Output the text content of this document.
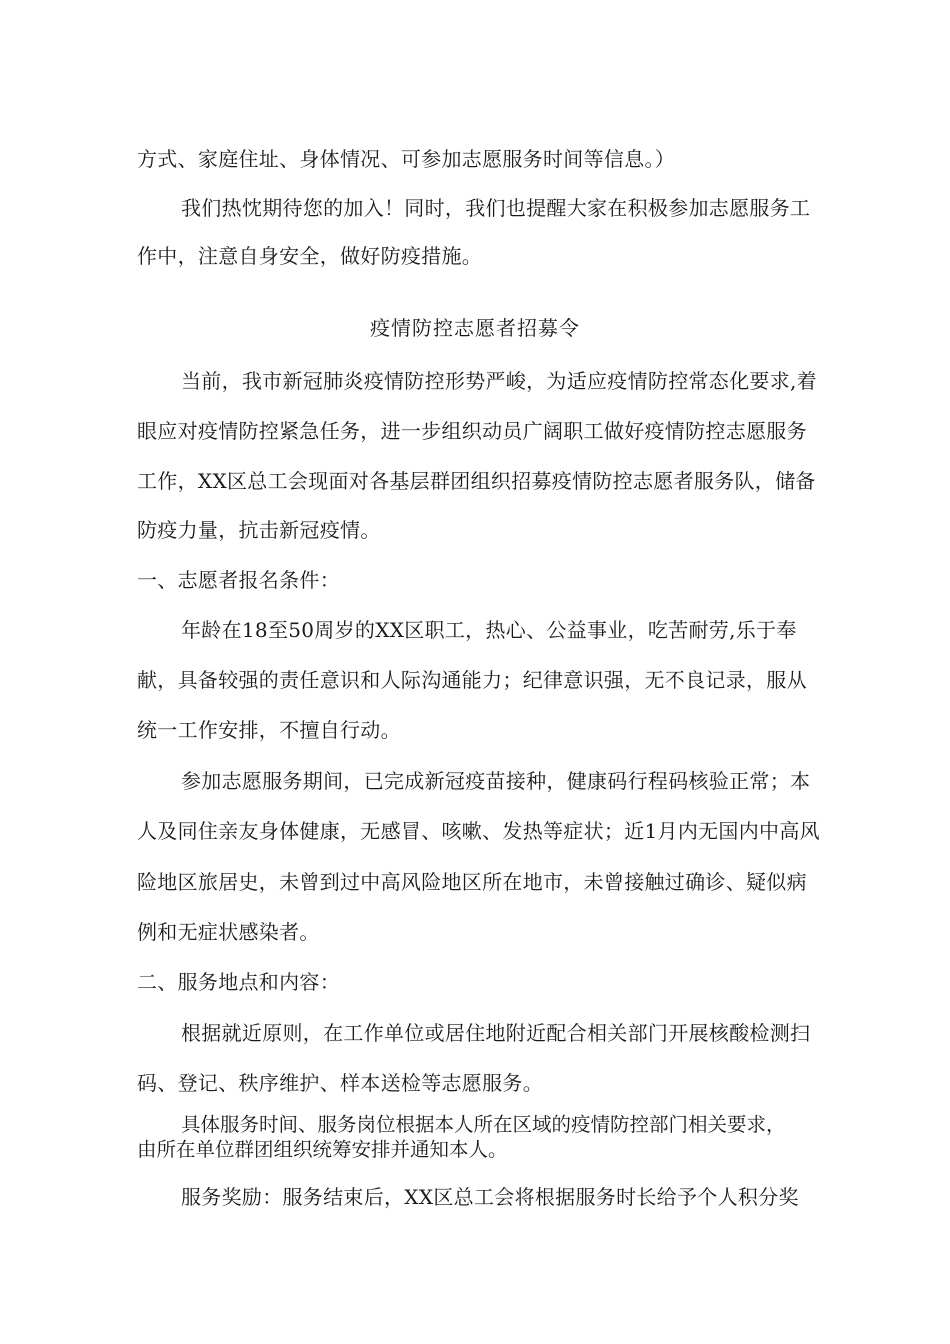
方式、家庭住址、身体情况、可参加志愿服务时间等信息。）
我们热忱期待您的加入！同时，我们也提醒大家在积极参加志愿服务工
作中，注意自身安全，做好防疫措施。
疫情防控志愿者招募令
当前，我市新冠肺炎疫情防控形势严峻，为适应疫情防控常态化要求,着
眼应对疫情防控紧急任务，进一步组织动员广阔职工做好疫情防控志愿服务
工作，XX区总工会现面对各基层群团组织招募疫情防控志愿者服务队，储备
防疫力量，抗击新冠疫情。
一、志愿者报名条件：
年龄在18至50周岁的XX区职工，热心、公益事业，吃苦耐劳,乐于奉
献，具备较强的责任意识和人际沟通能力；纪律意识强，无不良记录，服从
统一工作安排，不擅自行动。
参加志愿服务期间，已完成新冠疫苗接种，健康码行程码核验正常；本
人及同住亲友身体健康，无感冒、咳嗽、发热等症状；近1月内无国内中高风
险地区旅居史，未曾到过中高风险地区所在地市，未曾接触过确诊、疑似病
例和无症状感染者。
二、服务地点和内容：
根据就近原则，在工作单位或居住地附近配合相关部门开展核酸检测扫
码、登记、秩序维护、样本送检等志愿服务。
具体服务时间、服务岗位根据本人所在区域的疫情防控部门相关要求，
由所在单位群团组织统筹安排并通知本人。
服务奖励：服务结束后，XX区总工会将根据服务时长给予个人积分奖
